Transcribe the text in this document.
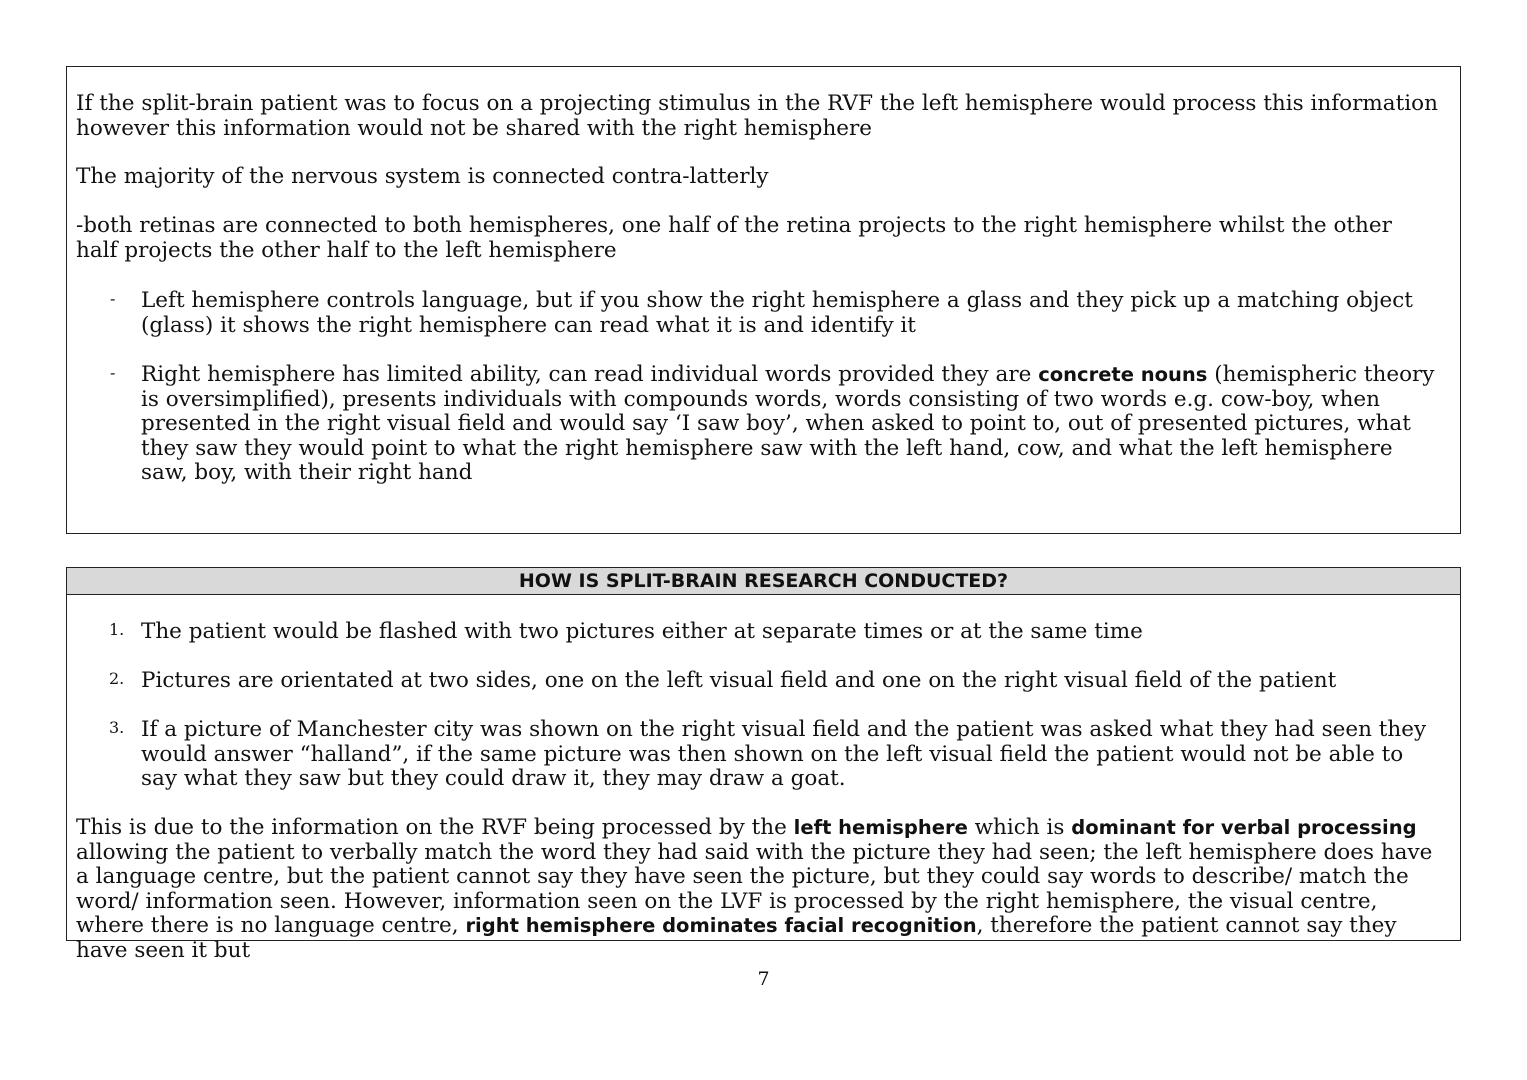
If the split-brain patient was to focus on a projecting stimulus in the RVF the left hemisphere would process this information however this information would not be shared with the right hemisphere

The majority of the nervous system is connected contra-latterly

-both retinas are connected to both hemispheres, one half of the retina projects to the right hemisphere whilst the other half projects the other half to the left hemisphere

- Left hemisphere controls language, but if you show the right hemisphere a glass and they pick up a matching object (glass) it shows the right hemisphere can read what it is and identify it

- Right hemisphere has limited ability, can read individual words provided they are concrete nouns (hemispheric theory is oversimplified), presents individuals with compounds words, words consisting of two words e.g. cow-boy, when presented in the right visual field and would say ‘I saw boy’, when asked to point to, out of presented pictures, what they saw they would point to what the right hemisphere saw with the left hand, cow, and what the left hemisphere saw, boy, with their right hand

HOW IS SPLIT-BRAIN RESEARCH CONDUCTED?
1. The patient would be flashed with two pictures either at separate times or at the same time

2. Pictures are orientated at two sides, one on the left visual field and one on the right visual field of the patient

3. If a picture of Manchester city was shown on the right visual field and the patient was asked what they had seen they would answer “halland”, if the same picture was then shown on the left visual field the patient would not be able to say what they saw but they could draw it, they may draw a goat.

This is due to the information on the RVF being processed by the left hemisphere which is dominant for verbal processing allowing the patient to verbally match the word they had said with the picture they had seen; the left hemisphere does have a language centre, but the patient cannot say they have seen the picture, but they could say words to describe/ match the word/ information seen. However, information seen on the LVF is processed by the right hemisphere, the visual centre, where there is no language centre, right hemisphere dominates facial recognition, therefore the patient cannot say they have seen it but

7
